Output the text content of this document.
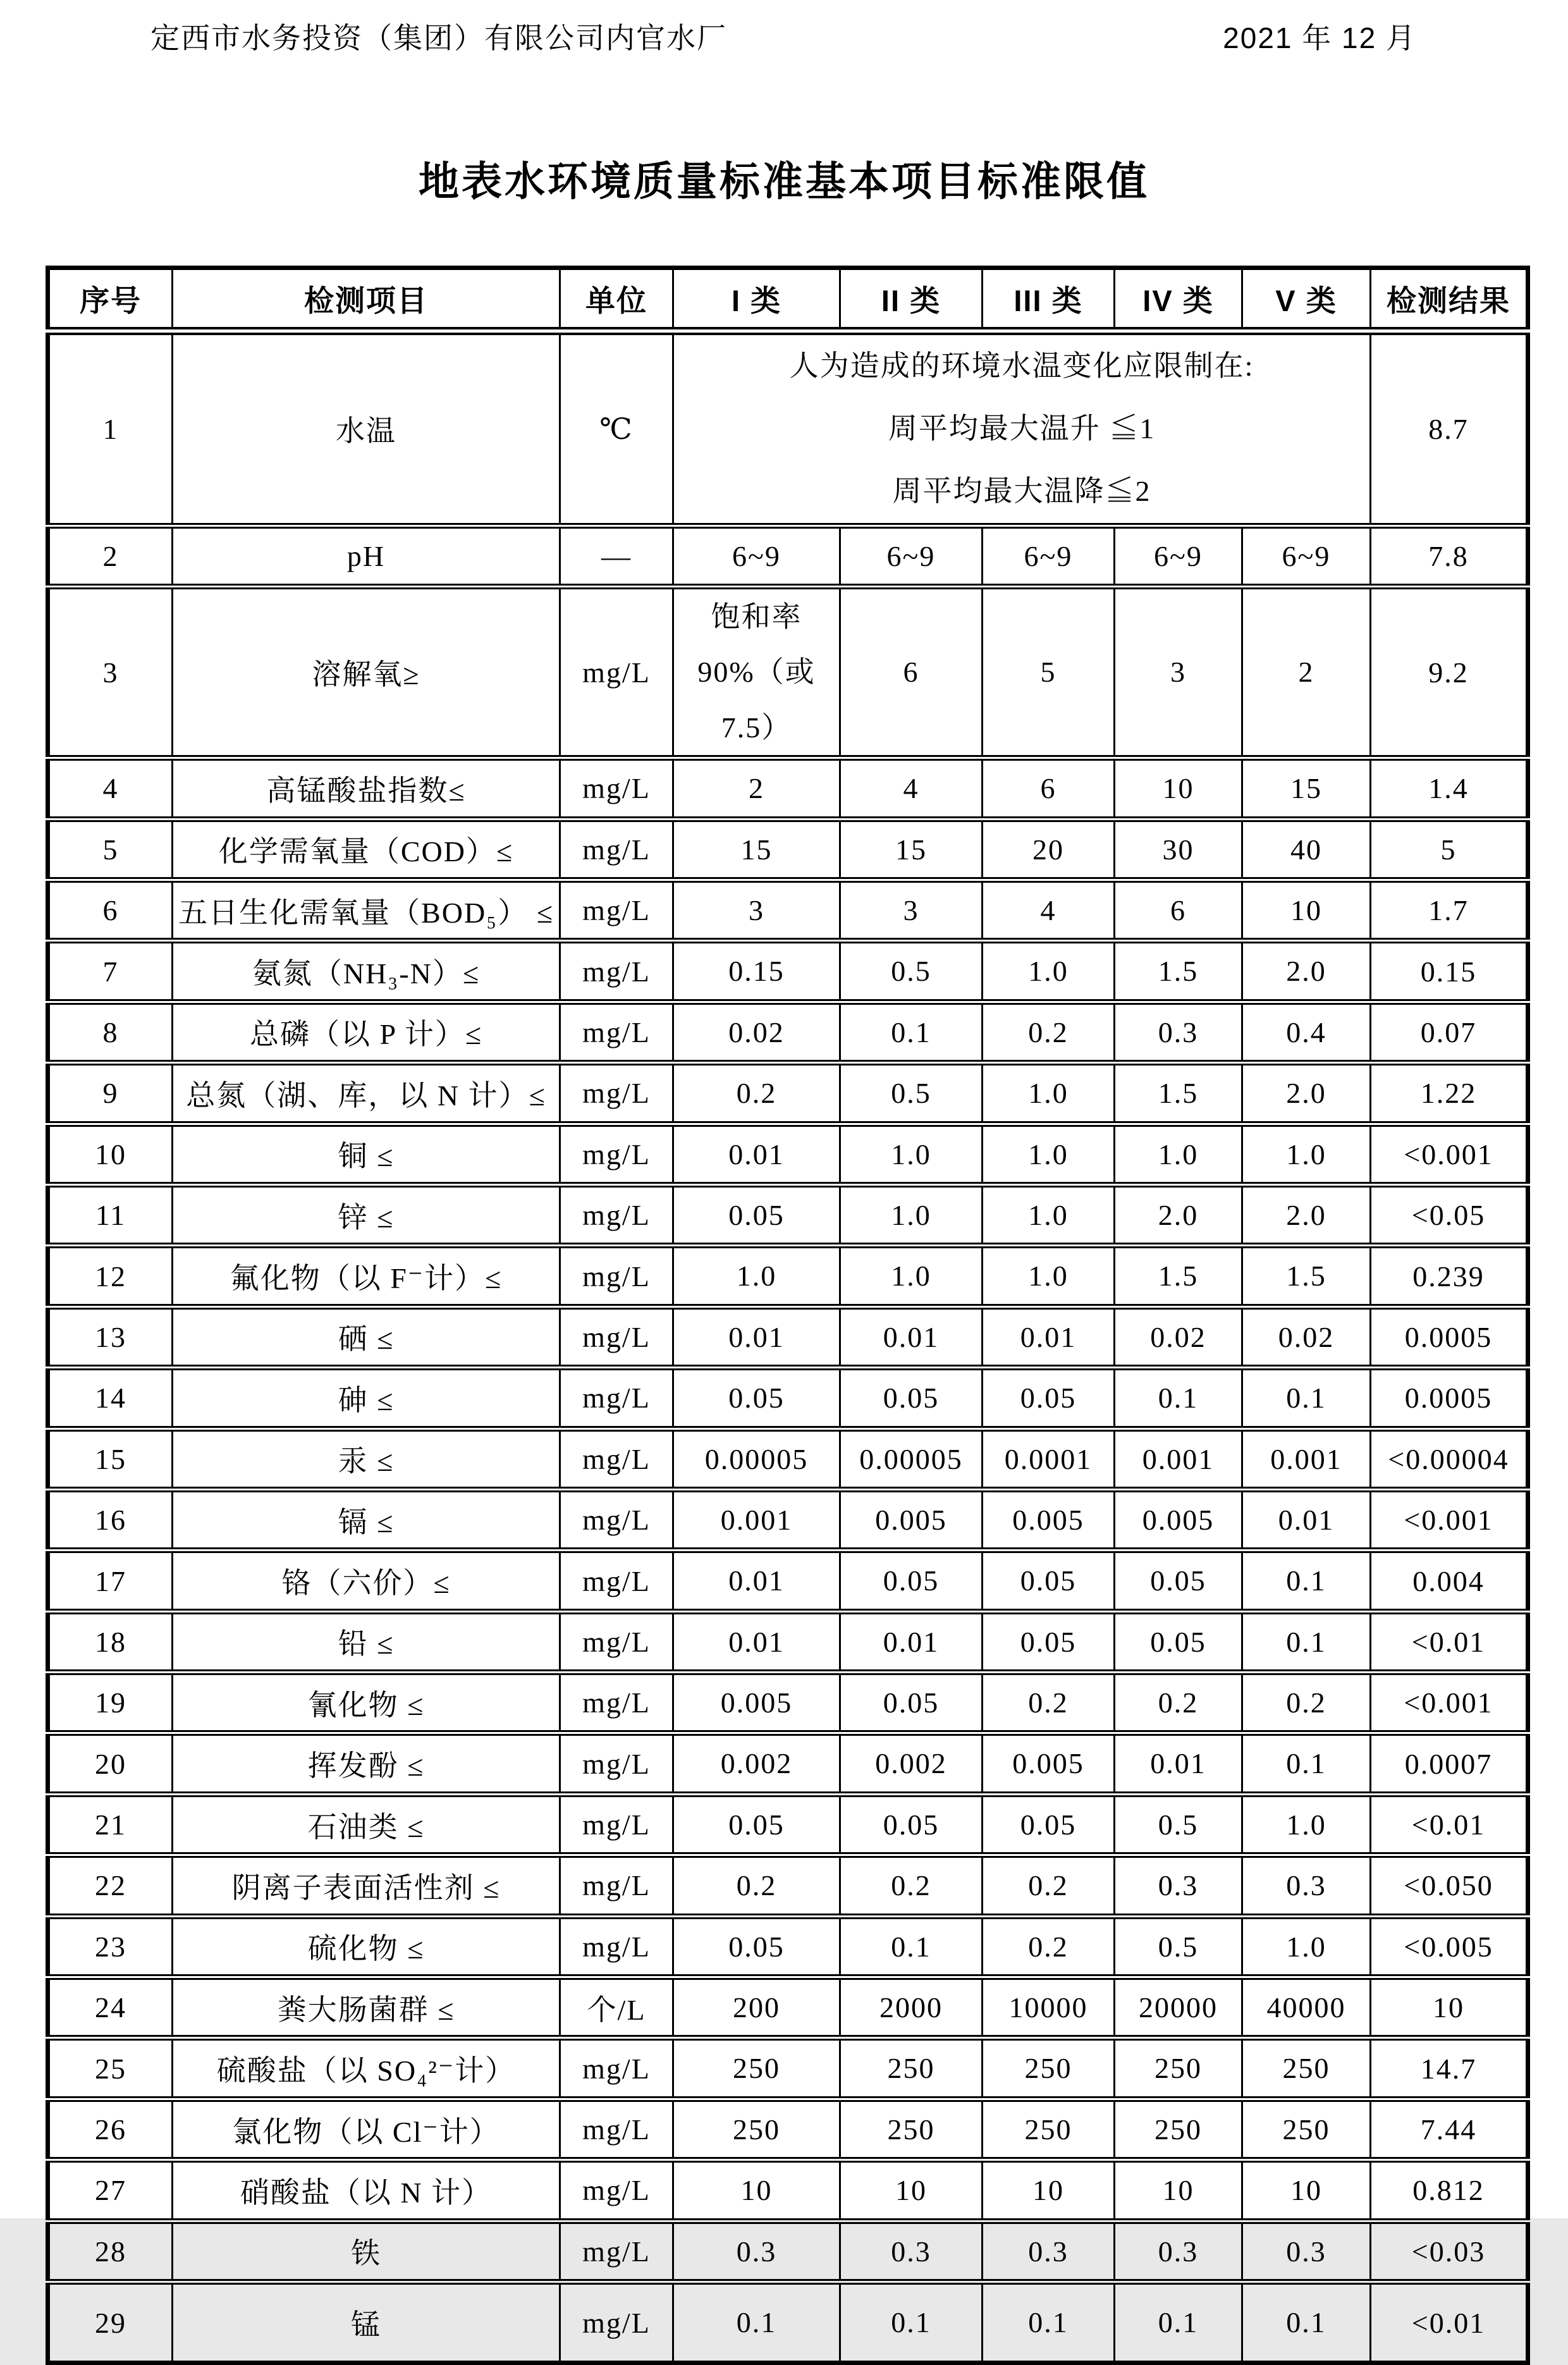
定西市水务投资（集团）有限公司内官水厂	2021 年 12 月
地表水环境质量标准基本项目标准限值
序号	检测项目	单位	I 类	II 类	III 类	IV 类	V 类	检测结果
1	水温	℃	人为造成的环境水温变化应限制在:
周平均最大温升 ≦1
周平均最大温降≦2					8.7
2	pH	—	6~9	6~9	6~9	6~9	6~9	7.8
3	溶解氧≥	mg/L	饱和率
90%（或
7.5）	6	5	3	2	9.2
4	高锰酸盐指数≤	mg/L	2	4	6	10	15	1.4
5	化学需氧量（COD）≤	mg/L	15	15	20	30	40	5
6	五日生化需氧量（BOD₅） ≤	mg/L	3	3	4	6	10	1.7
7	氨氮（NH₃-N）≤	mg/L	0.15	0.5	1.0	1.5	2.0	0.15
8	总磷（以 P 计）≤	mg/L	0.02	0.1	0.2	0.3	0.4	0.07
9	总氮（湖、库，以 N 计）≤	mg/L	0.2	0.5	1.0	1.5	2.0	1.22
10	铜 ≤	mg/L	0.01	1.0	1.0	1.0	1.0	<0.001
11	锌 ≤	mg/L	0.05	1.0	1.0	2.0	2.0	<0.05
12	氟化物（以 F⁻计）≤	mg/L	1.0	1.0	1.0	1.5	1.5	0.239
13	硒 ≤	mg/L	0.01	0.01	0.01	0.02	0.02	0.0005
14	砷 ≤	mg/L	0.05	0.05	0.05	0.1	0.1	0.0005
15	汞 ≤	mg/L	0.00005	0.00005	0.0001	0.001	0.001	<0.00004
16	镉 ≤	mg/L	0.001	0.005	0.005	0.005	0.01	<0.001
17	铬（六价）≤	mg/L	0.01	0.05	0.05	0.05	0.1	0.004
18	铅 ≤	mg/L	0.01	0.01	0.05	0.05	0.1	<0.01
19	氰化物 ≤	mg/L	0.005	0.05	0.2	0.2	0.2	<0.001
20	挥发酚 ≤	mg/L	0.002	0.002	0.005	0.01	0.1	0.0007
21	石油类 ≤	mg/L	0.05	0.05	0.05	0.5	1.0	<0.01
22	阴离子表面活性剂 ≤	mg/L	0.2	0.2	0.2	0.3	0.3	<0.050
23	硫化物 ≤	mg/L	0.05	0.1	0.2	0.5	1.0	<0.005
24	粪大肠菌群 ≤	个/L	200	2000	10000	20000	40000	10
25	硫酸盐（以 SO₄²⁻计）	mg/L	250	250	250	250	250	14.7
26	氯化物（以 Cl⁻计）	mg/L	250	250	250	250	250	7.44
27	硝酸盐（以 N 计）	mg/L	10	10	10	10	10	0.812
28	铁	mg/L	0.3	0.3	0.3	0.3	0.3	<0.03
29	锰	mg/L	0.1	0.1	0.1	0.1	0.1	<0.01
